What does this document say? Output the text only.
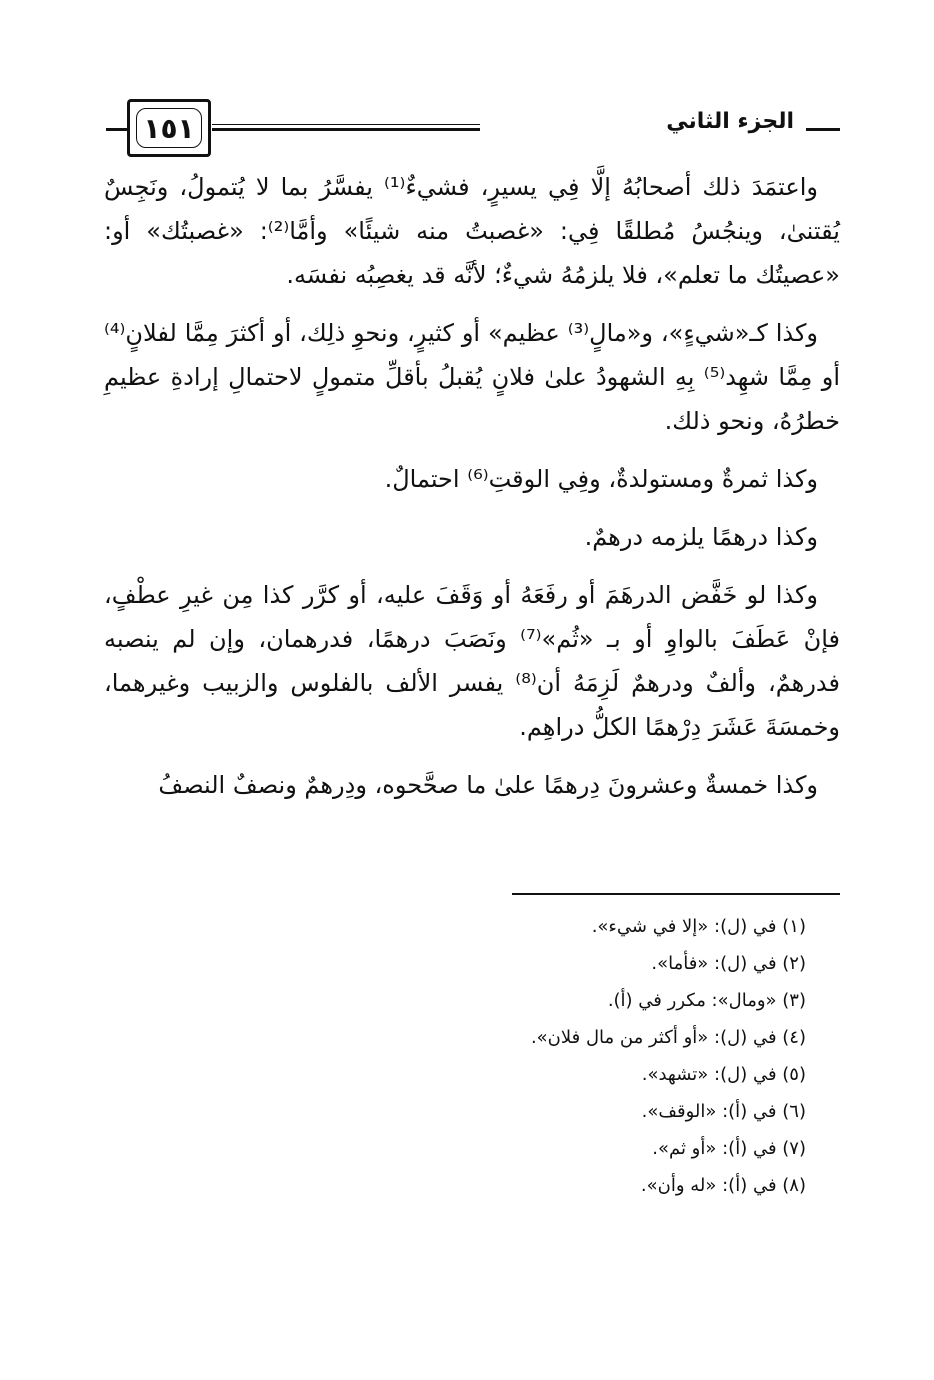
١٥١	الجزء الثاني

واعتمَدَ ذلك أصحابُهُ إلَّا فِي يسيرٍ، فشيءٌ⁽¹⁾ يفسَّرُ بما لا يُتمولُ، ونَجِسٌ يُقتنىٰ، وينجُسُ مُطلقًا فِي: «غصبتُ منه شيئًا» وأمَّا⁽²⁾: «غصبتُك» أو: «عصيتُك ما تعلم»، فلا يلزمُهُ شيءٌ؛ لأنَّه قد يغصِبُه نفسَه.

وكذا كـ«شيءٍ»، و«مالٍ⁽³⁾ عظيم» أو كثيرٍ، ونحوِ ذلِك، أو أكثرَ مِمَّا لفلانٍ⁽⁴⁾ أو مِمَّا شهِد⁽⁵⁾ بِهِ الشهودُ علىٰ فلانٍ يُقبلُ بأقلِّ متمولٍ لاحتمالِ إرادةِ عظيمِ خطرُهُ، ونحو ذلك.

وكذا ثمرةٌ ومستولدةٌ، وفِي الوقتِ⁽⁶⁾ احتمالٌ.

وكذا درهمًا يلزمه درهمٌ.

وكذا لو خَفَّض الدرهَمَ أو رفَعَهُ أو وَقَفَ عليه، أو كرَّر كذا مِن غيرِ عطْفٍ، فإنْ عَطَفَ بالواوِ أو بـ «ثُم»⁽⁷⁾ ونَصَبَ درهمًا، فدرهمان، وإن لم ينصبه فدرهمٌ، وألفٌ ودرهمٌ لَزِمَهُ أن⁽⁸⁾ يفسر الألف بالفلوس والزبيب وغيرهما، وخمسَةَ عَشَرَ دِرْهمًا الكلُّ دراهِم.

وكذا خمسةٌ وعشرونَ دِرهمًا علىٰ ما صحَّحوه، ودِرهمٌ ونصفٌ النصفُ

(١) في (ل): «إلا في شيء».
(٢) في (ل): «فأما».
(٣) «ومال»: مكرر في (أ).
(٤) في (ل): «أو أكثر من مال فلان».
(٥) في (ل): «تشهد».
(٦) في (أ): «الوقف».
(٧) في (أ): «أو ثم».
(٨) في (أ): «له وأن».
